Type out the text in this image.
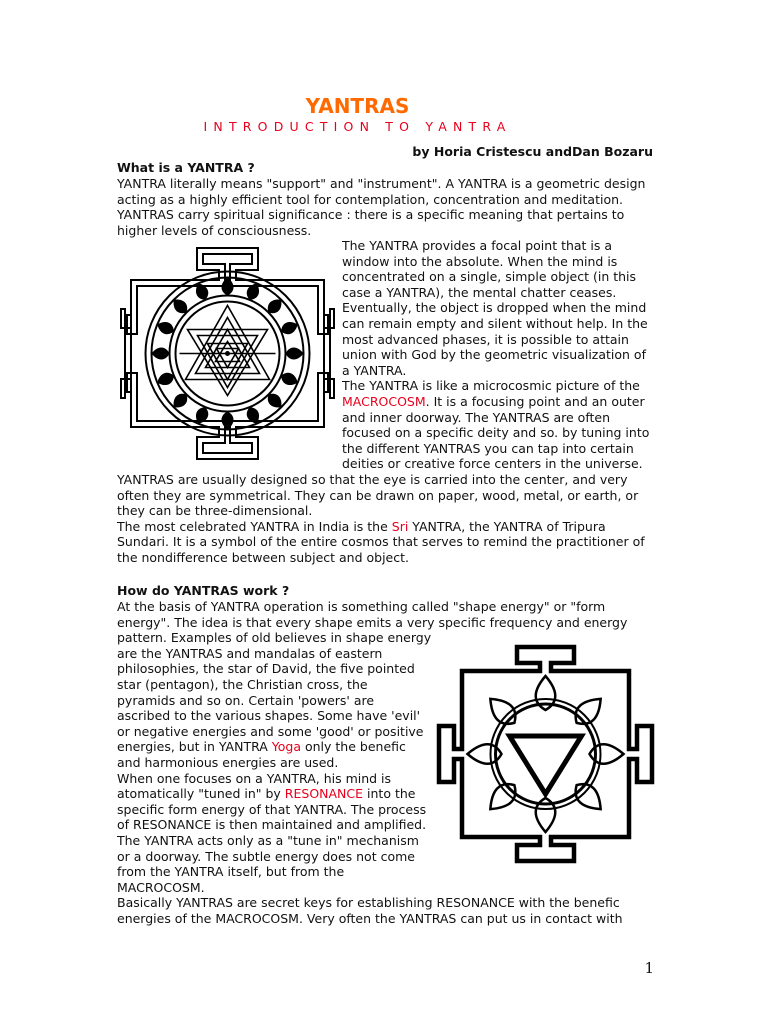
YANTRAS
INTRODUCTION TO YANTRA
by Horia Cristescu andDan Bozaru
What is a YANTRA ?
YANTRA literally means "support" and "instrument". A YANTRA is a geometric design
acting as a highly efficient tool for contemplation, concentration and meditation.
YANTRAS carry spiritual significance : there is a specific meaning that pertains to
higher levels of consciousness.
The YANTRA provides a focal point that is a
window into the absolute. When the mind is
concentrated on a single, simple object (in this
case a YANTRA), the mental chatter ceases.
Eventually, the object is dropped when the mind
can remain empty and silent without help. In the
most advanced phases, it is possible to attain
union with God by the geometric visualization of
a YANTRA.
The YANTRA is like a microcosmic picture of the
MACROCOSM. It is a focusing point and an outer
and inner doorway. The YANTRAS are often
focused on a specific deity and so. by tuning into
the different YANTRAS you can tap into certain
deities or creative force centers in the universe.
YANTRAS are usually designed so that the eye is carried into the center, and very
often they are symmetrical. They can be drawn on paper, wood, metal, or earth, or
they can be three-dimensional.
The most celebrated YANTRA in India is the Sri YANTRA, the YANTRA of Tripura
Sundari. It is a symbol of the entire cosmos that serves to remind the practitioner of
the nondifference between subject and object.
How do YANTRAS work ?
At the basis of YANTRA operation is something called "shape energy" or "form
energy". The idea is that every shape emits a very specific frequency and energy
pattern. Examples of old believes in shape energy
are the YANTRAS and mandalas of eastern
philosophies, the star of David, the five pointed
star (pentagon), the Christian cross, the
pyramids and so on. Certain 'powers' are
ascribed to the various shapes. Some have 'evil'
or negative energies and some 'good' or positive
energies, but in YANTRA Yoga only the benefic
and harmonious energies are used.
When one focuses on a YANTRA, his mind is
atomatically "tuned in" by RESONANCE into the
specific form energy of that YANTRA. The process
of RESONANCE is then maintained and amplified.
The YANTRA acts only as a "tune in" mechanism
or a doorway. The subtle energy does not come
from the YANTRA itself, but from the
MACROCOSM.
Basically YANTRAS are secret keys for establishing RESONANCE with the benefic
energies of the MACROCOSM. Very often the YANTRAS can put us in contact with
1
